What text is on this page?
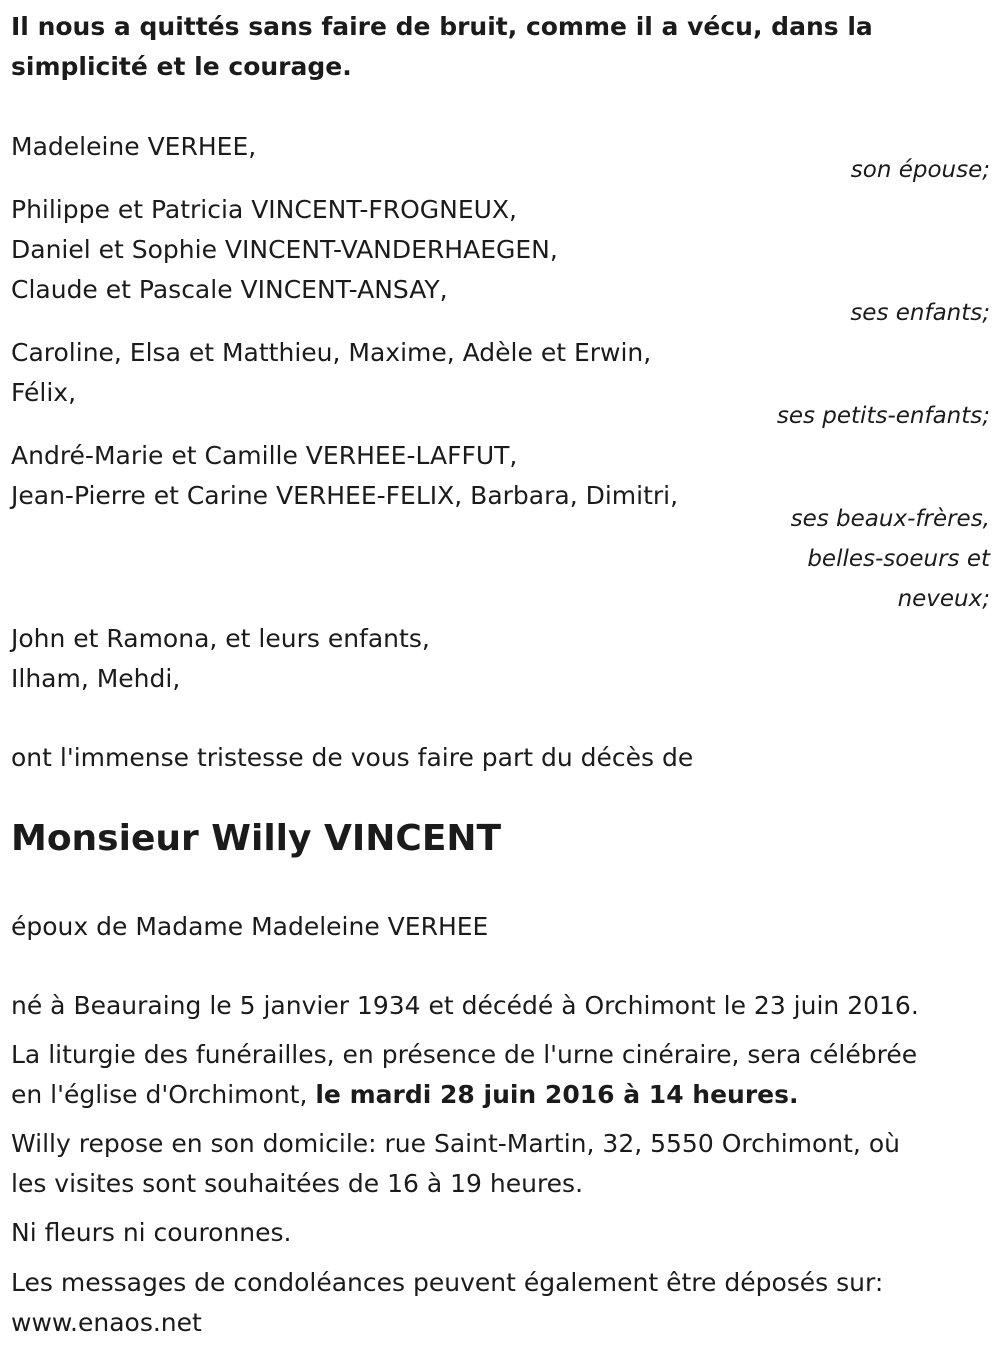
Il nous a quittés sans faire de bruit, comme il a vécu, dans la
simplicité et le courage.
Madeleine VERHEE,
son épouse;
Philippe et Patricia VINCENT-FROGNEUX,
Daniel et Sophie VINCENT-VANDERHAEGEN,
Claude et Pascale VINCENT-ANSAY,
ses enfants;
Caroline, Elsa et Matthieu, Maxime, Adèle et Erwin,
Félix,
ses petits-enfants;
André-Marie et Camille VERHEE-LAFFUT,
Jean-Pierre et Carine VERHEE-FELIX, Barbara, Dimitri,
ses beaux-frères,
belles-soeurs et
neveux;
John et Ramona, et leurs enfants,
Ilham, Mehdi,
ont l'immense tristesse de vous faire part du décès de
Monsieur Willy VINCENT
époux de Madame Madeleine VERHEE
né à Beauraing le 5 janvier 1934 et décédé à Orchimont le 23 juin 2016.
La liturgie des funérailles, en présence de l'urne cinéraire, sera célébrée
en l'église d'Orchimont, le mardi 28 juin 2016 à 14 heures.
Willy repose en son domicile: rue Saint-Martin, 32, 5550 Orchimont, où
les visites sont souhaitées de 16 à 19 heures.
Ni fleurs ni couronnes.
Les messages de condoléances peuvent également être déposés sur:
www.enaos.net
